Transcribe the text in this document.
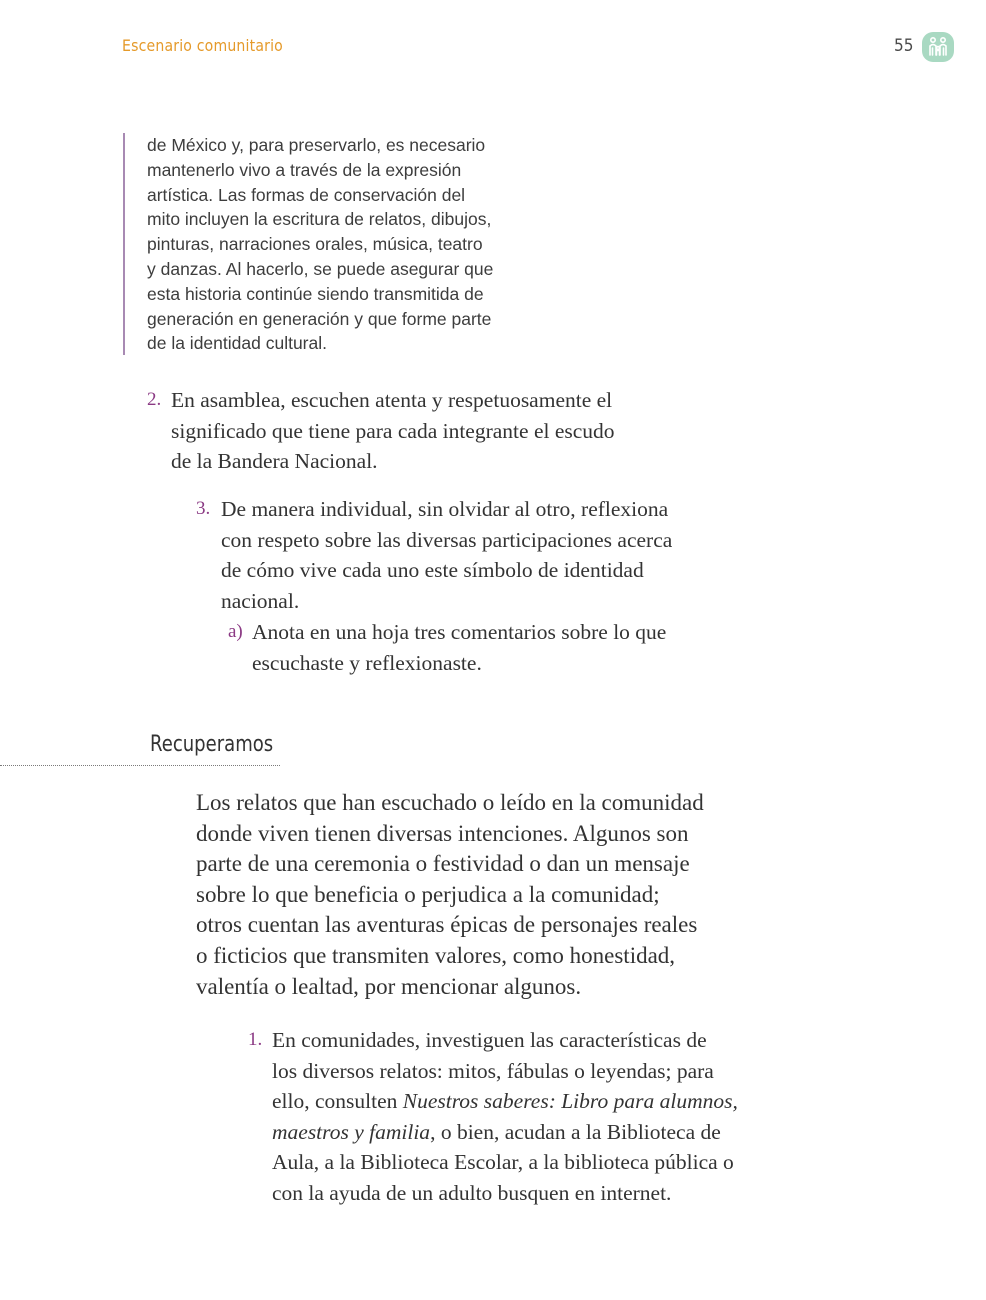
Escenario comunitario	55
de México y, para preservarlo, es necesario
mantenerlo vivo a través de la expresión
artística. Las formas de conservación del
mito incluyen la escritura de relatos, dibujos,
pinturas, narraciones orales, música, teatro
y danzas. Al hacerlo, se puede asegurar que
esta historia continúe siendo transmitida de
generación en generación y que forme parte
de la identidad cultural.
2. En asamblea, escuchen atenta y respetuosamente el
significado que tiene para cada integrante el escudo
de la Bandera Nacional.
3. De manera individual, sin olvidar al otro, reflexiona
con respeto sobre las diversas participaciones acerca
de cómo vive cada uno este símbolo de identidad
nacional.
a) Anota en una hoja tres comentarios sobre lo que
escuchaste y reflexionaste.
Recuperamos
Los relatos que han escuchado o leído en la comunidad
donde viven tienen diversas intenciones. Algunos son
parte de una ceremonia o festividad o dan un mensaje
sobre lo que beneficia o perjudica a la comunidad;
otros cuentan las aventuras épicas de personajes reales
o ficticios que transmiten valores, como honestidad,
valentía o lealtad, por mencionar algunos.
1. En comunidades, investiguen las características de
los diversos relatos: mitos, fábulas o leyendas; para
ello, consulten Nuestros saberes: Libro para alumnos,
maestros y familia, o bien, acudan a la Biblioteca de
Aula, a la Biblioteca Escolar, a la biblioteca pública o
con la ayuda de un adulto busquen en internet.
